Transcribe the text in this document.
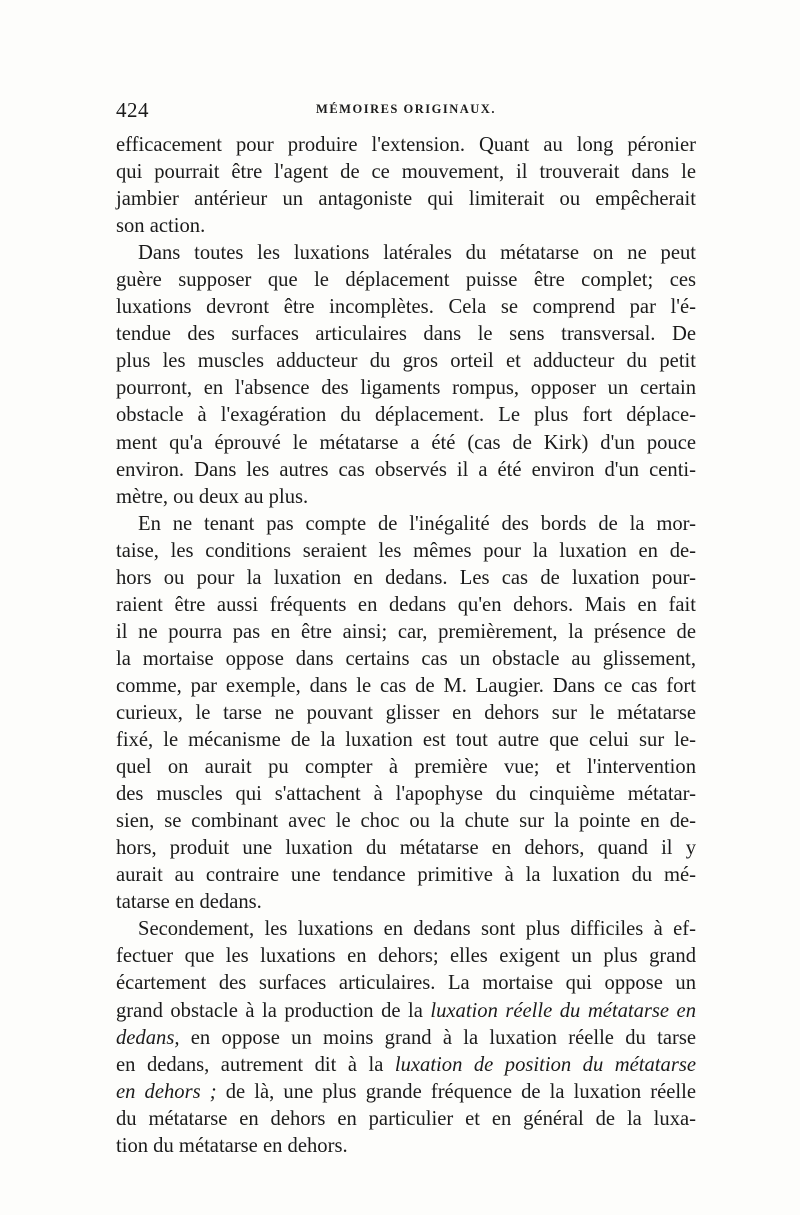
424	MÉMOIRES ORIGINAUX.
efficacement pour produire l'extension. Quant au long péronier
qui pourrait être l'agent de ce mouvement, il trouverait dans le
jambier antérieur un antagoniste qui limiterait ou empêcherait
son action.
Dans toutes les luxations latérales du métatarse on ne peut
guère supposer que le déplacement puisse être complet; ces
luxations devront être incomplètes. Cela se comprend par l'é-
tendue des surfaces articulaires dans le sens transversal. De
plus les muscles adducteur du gros orteil et adducteur du petit
pourront, en l'absence des ligaments rompus, opposer un certain
obstacle à l'exagération du déplacement. Le plus fort déplace-
ment qu'a éprouvé le métatarse a été (cas de Kirk) d'un pouce
environ. Dans les autres cas observés il a été environ d'un centi-
mètre, ou deux au plus.
En ne tenant pas compte de l'inégalité des bords de la mor-
taise, les conditions seraient les mêmes pour la luxation en de-
hors ou pour la luxation en dedans. Les cas de luxation pour-
raient être aussi fréquents en dedans qu'en dehors. Mais en fait
il ne pourra pas en être ainsi; car, premièrement, la présence de
la mortaise oppose dans certains cas un obstacle au glissement,
comme, par exemple, dans le cas de M. Laugier. Dans ce cas fort
curieux, le tarse ne pouvant glisser en dehors sur le métatarse
fixé, le mécanisme de la luxation est tout autre que celui sur le-
quel on aurait pu compter à première vue; et l'intervention
des muscles qui s'attachent à l'apophyse du cinquième métatar-
sien, se combinant avec le choc ou la chute sur la pointe en de-
hors, produit une luxation du métatarse en dehors, quand il y
aurait au contraire une tendance primitive à la luxation du mé-
tatarse en dedans.
Secondement, les luxations en dedans sont plus difficiles à ef-
fectuer que les luxations en dehors; elles exigent un plus grand
écartement des surfaces articulaires. La mortaise qui oppose un
grand obstacle à la production de la luxation réelle du métatarse en
dedans, en oppose un moins grand à la luxation réelle du tarse
en dedans, autrement dit à la luxation de position du métatarse
en dehors ; de là, une plus grande fréquence de la luxation réelle
du métatarse en dehors en particulier et en général de la luxa-
tion du métatarse en dehors.
